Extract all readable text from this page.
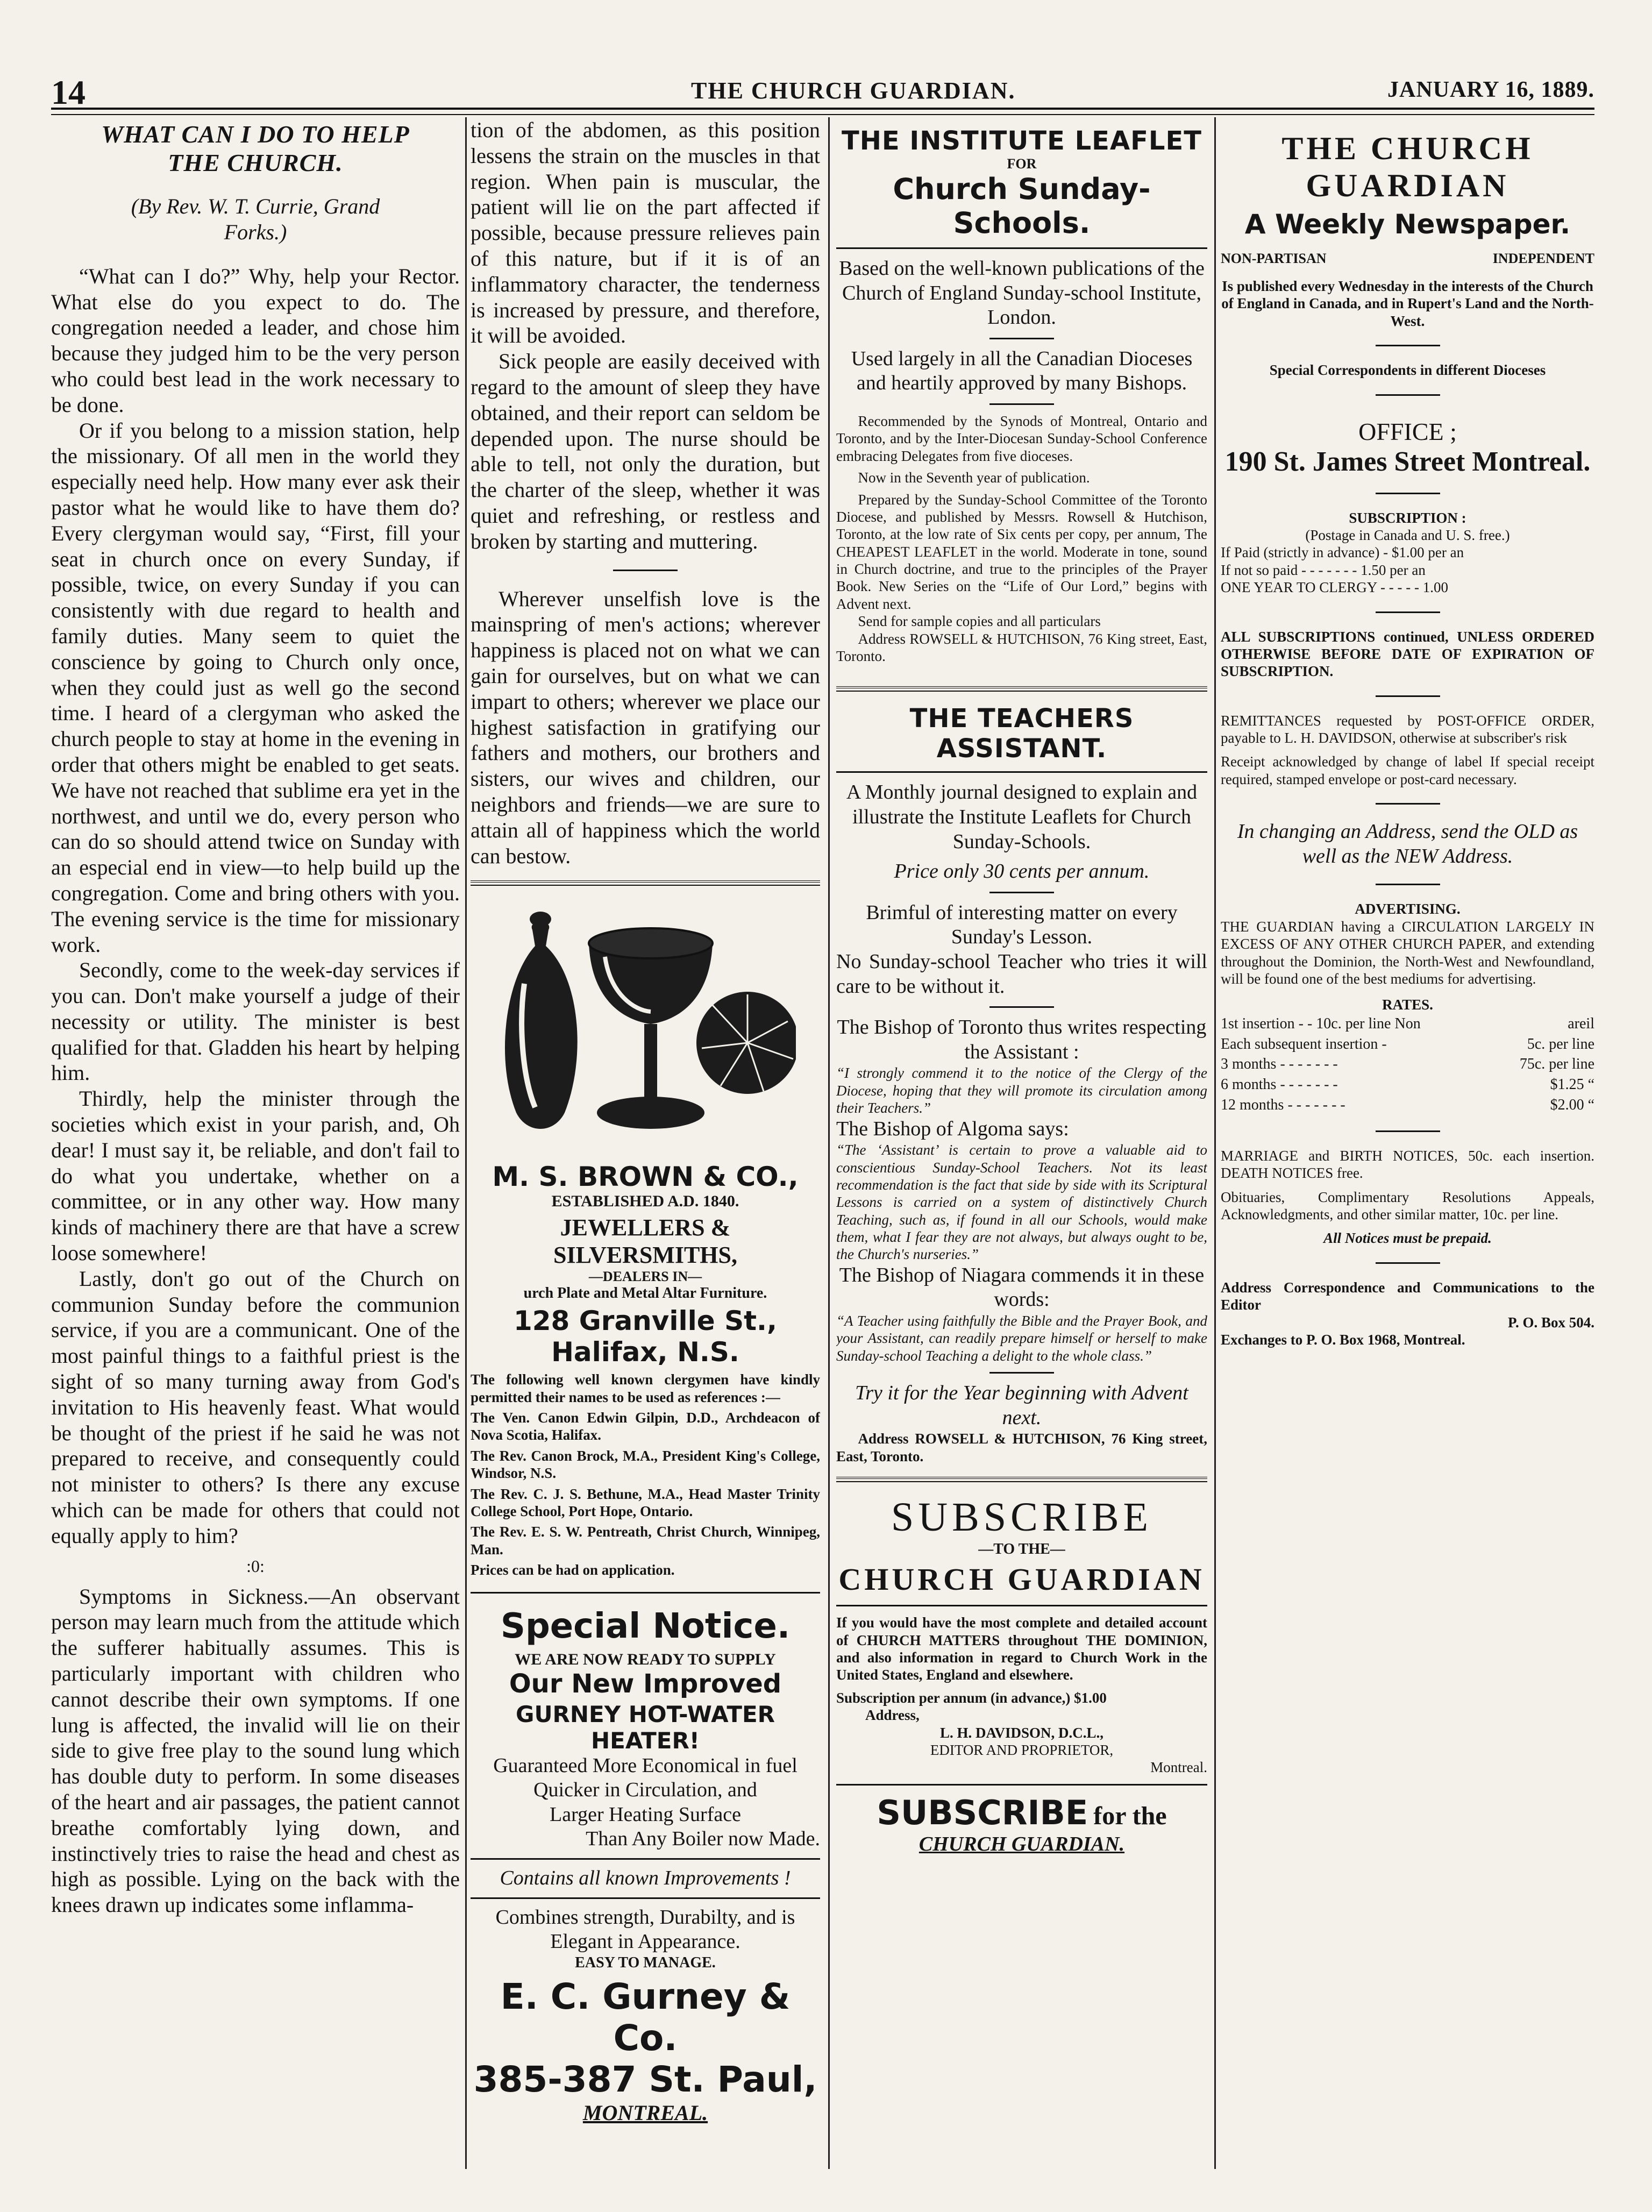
14	THE CHURCH GUARDIAN.	JANUARY 16, 1889.
WHAT CAN I DO TO HELP
THE CHURCH.
(By Rev. W. T. Currie, Grand
Forks.)

“What can I do?” Why, help your Rector. What else do you expect to do. The congregation needed a leader, and chose him because they judged him to be the very person who could best lead in the work necessary to be done.

Or if you belong to a mission station, help the missionary. Of all men in the world they especially need help. How many ever ask their pastor what he would like to have them do? Every clergyman would say, “First, fill your seat in church once on every Sunday, if possible, twice, on every Sunday if you can consistently with due regard to health and family duties. Many seem to quiet the conscience by going to Church only once, when they could just as well go the second time. I heard of a clergyman who asked the church people to stay at home in the evening in order that others might be enabled to get seats. We have not reached that sublime era yet in the northwest, and until we do, every person who can do so should attend twice on Sunday with an especial end in view—to help build up the congregation. Come and bring others with you. The evening service is the time for missionary work.

Secondly, come to the week-day services if you can. Don't make yourself a judge of their necessity or utility. The minister is best qualified for that. Gladden his heart by helping him.

Thirdly, help the minister through the societies which exist in your parish, and, Oh dear! I must say it, be reliable, and don't fail to do what you undertake, whether on a committee, or in any other way. How many kinds of machinery there are that have a screw loose somewhere!

Lastly, don't go out of the Church on communion Sunday before the communion service, if you are a communicant. One of the most painful things to a faithful priest is the sight of so many turning away from God's invitation to His heavenly feast. What would be thought of the priest if he said he was not prepared to receive, and consequently could not minister to others? Is there any excuse which can be made for others that could not equally apply to him?

:0:

Symptoms in Sickness.—An observant person may learn much from the attitude which the sufferer habitually assumes. This is particularly important with children who cannot describe their own symptoms. If one lung is affected, the invalid will lie on their side to give free play to the sound lung which has double duty to perform. In some diseases of the heart and air passages, the patient cannot breathe comfortably lying down, and instinctively tries to raise the head and chest as high as possible. Lying on the back with the knees drawn up indicates some inflamma-

tion of the abdomen, as this position lessens the strain on the muscles in that region. When pain is muscular, the patient will lie on the part affected if possible, because pressure relieves pain of this nature, but if it is of an inflammatory character, the tenderness is increased by pressure, and therefore, it will be avoided.

Sick people are easily deceived with regard to the amount of sleep they have obtained, and their report can seldom be depended upon. The nurse should be able to tell, not only the duration, but the charter of the sleep, whether it was quiet and refreshing, or restless and broken by starting and muttering.

Wherever unselfish love is the mainspring of men's actions; wherever happiness is placed not on what we can gain for ourselves, but on what we can impart to others; wherever we place our highest satisfaction in gratifying our fathers and mothers, our brothers and sisters, our wives and children, our neighbors and friends—we are sure to attain all of happiness which the world can bestow.

M. S. BROWN & CO.,
ESTABLISHED A.D. 1840.
JEWELLERS & SILVERSMITHS,
—DEALERS IN—
urch Plate and Metal Altar Furniture.
128 Granville St., Halifax, N.S.
The following well known clergymen have kindly permitted their names to be used as references :—
The Ven. Canon Edwin Gilpin, D.D., Archdeacon of Nova Scotia, Halifax.
The Rev. Canon Brock, M.A., President King's College, Windsor, N.S.
The Rev. C. J. S. Bethune, M.A., Head Master Trinity College School, Port Hope, Ontario.
The Rev. E. S. W. Pentreath, Christ Church, Winnipeg, Man.
Prices can be had on application.
Special Notice.
WE ARE NOW READY TO SUPPLY
Our New Improved
GURNEY HOT-WATER HEATER!
Guaranteed More Economical in fuel
Quicker in Circulation, and
Larger Heating Surface
Than Any Boiler now Made.
Contains all known Improvements !
Combines strength, Durabilty, and is Elegant in Appearance.
EASY TO MANAGE.
E. C. Gurney & Co.
385-387 St. Paul,
MONTREAL.
THE INSTITUTE LEAFLET
FOR
Church Sunday-Schools.
Based on the well-known publications of the Church of England Sunday-school Institute, London.
Used largely in all the Canadian Dioceses and heartily approved by many Bishops.
Recommended by the Synods of Montreal, Ontario and Toronto, and by the Inter-Diocesan Sunday-School Conference embracing Delegates from five dioceses.
Now in the Seventh year of publication.
Prepared by the Sunday-School Committee of the Toronto Diocese, and published by Messrs. Rowsell & Hutchison, Toronto, at the low rate of Six cents per copy, per annum, The CHEAPEST LEAFLET in the world. Moderate in tone, sound in Church doctrine, and true to the principles of the Prayer Book. New Series on the “Life of Our Lord,” begins with Advent next.
Send for sample copies and all particulars
Address ROWSELL & HUTCHISON, 76 King street, East, Toronto.
THE TEACHERS ASSISTANT.
A Monthly journal designed to explain and illustrate the Institute Leaflets for Church Sunday-Schools.
Price only 30 cents per annum.
Brimful of interesting matter on every Sunday's Lesson.
No Sunday-school Teacher who tries it will care to be without it.
The Bishop of Toronto thus writes respecting the Assistant :
“I strongly commend it to the notice of the Clergy of the Diocese, hoping that they will promote its circulation among their Teachers.”
The Bishop of Algoma says:
“The ‘Assistant’ is certain to prove a valuable aid to conscientious Sunday-School Teachers. Not its least recommendation is the fact that side by side with its Scriptural Lessons is carried on a system of distinctively Church Teaching, such as, if found in all our Schools, would make them, what I fear they are not always, but always ought to be, the Church's nurseries.”
The Bishop of Niagara commends it in these words:
“A Teacher using faithfully the Bible and the Prayer Book, and your Assistant, can readily prepare himself or herself to make Sunday-school Teaching a delight to the whole class.”
Try it for the Year beginning with Advent next.
Address ROWSELL & HUTCHISON, 76 King street, East, Toronto.
SUBSCRIBE
—TO THE—
CHURCH GUARDIAN
If you would have the most complete and detailed account of CHURCH MATTERS throughout THE DOMINION, and also information in regard to Church Work in the United States, England and elsewhere.
Subscription per annum (in advance,) $1.00
Address,
L. H. DAVIDSON, D.C.L.,
EDITOR AND PROPRIETOR,
Montreal.
SUBSCRIBE for the
CHURCH GUARDIAN.
THE CHURCH GUARDIAN
A Weekly Newspaper.
NON-PARTISAN	INDEPENDENT
Is published every Wednesday in the interests of the Church of England in Canada, and in Rupert's Land and the North-West.
Special Correspondents in different Dioceses
OFFICE ;
190 St. James Street Montreal.
SUBSCRIPTION :
(Postage in Canada and U. S. free.)
If Paid (strictly in advance) - $1.00 per an
If not so paid - - - - - - - 1.50 per an
ONE YEAR TO CLERGY - - - - - 1.00
ALL SUBSCRIPTIONS continued, UNLESS ORDERED OTHERWISE BEFORE DATE OF EXPIRATION OF SUBSCRIPTION.
REMITTANCES requested by POST-OFFICE ORDER, payable to L. H. DAVIDSON, otherwise at subscriber's risk
Receipt acknowledged by change of label If special receipt required, stamped envelope or post-card necessary.
In changing an Address, send the OLD as well as the NEW Address.
ADVERTISING.
THE GUARDIAN having a CIRCULATION LARGELY IN EXCESS OF ANY OTHER CHURCH PAPER, and extending throughout the Dominion, the North-West and Newfoundland, will be found one of the best mediums for advertising.
RATES.
1st insertion - - 10c. per line Non	areil
Each subsequent insertion -	5c. per line
3 months - - - - - - -	75c. per line
6 months - - - - - - -	$1.25 “
12 months - - - - - - -	$2.00 “
MARRIAGE and BIRTH NOTICES, 50c. each insertion. DEATH NOTICES free.
Obituaries, Complimentary Resolutions Appeals, Acknowledgments, and other similar matter, 10c. per line.
All Notices must be prepaid.
Address Correspondence and Communications to the Editor
P. O. Box 504.
Exchanges to P. O. Box 1968, Montreal.
